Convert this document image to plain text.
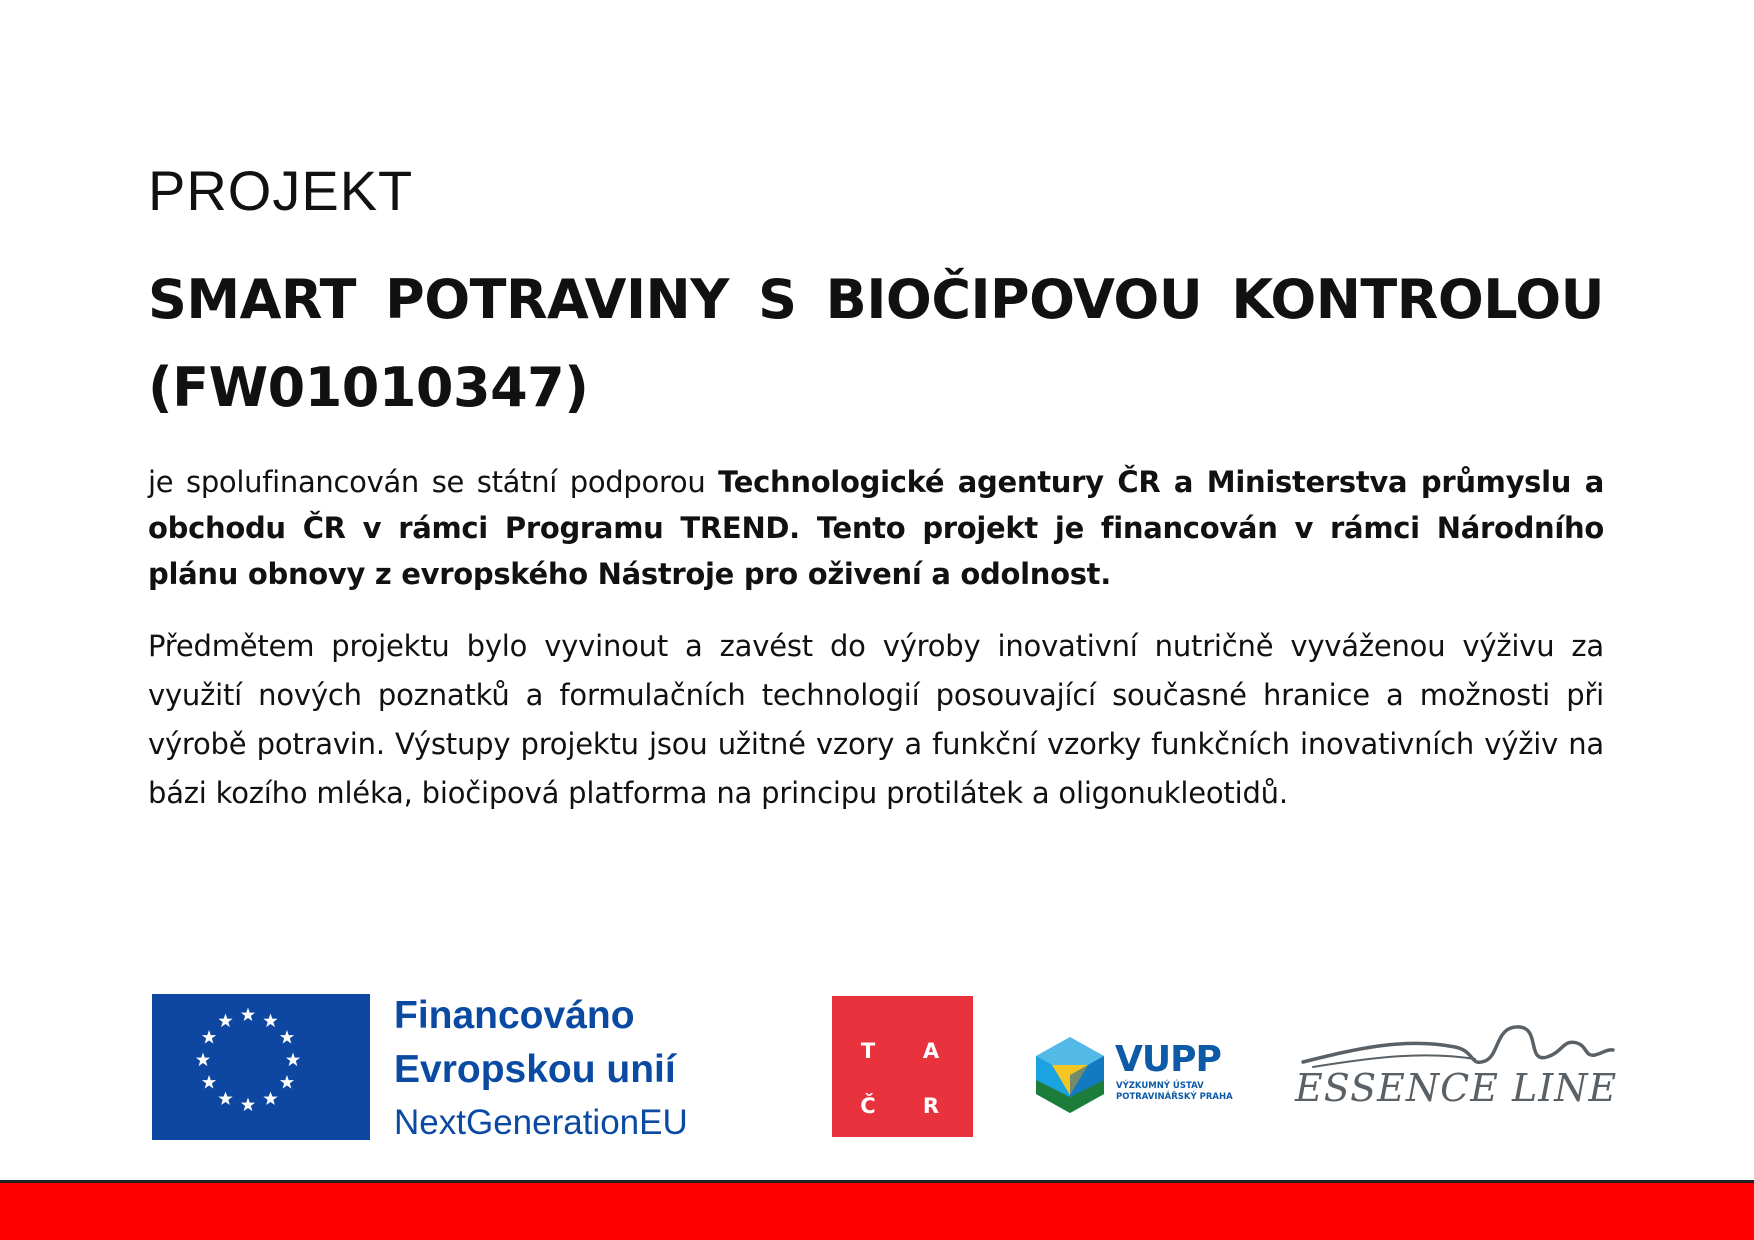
PROJEKT
SMART POTRAVINY S BIOČIPOVOU KONTROLOU (FW01010347)
je spolufinancován se státní podporou Technologické agentury ČR a Ministerstva průmyslu a obchodu ČR v rámci Programu TREND. Tento projekt je financován v rámci Národního plánu obnovy z evropského Nástroje pro oživení a odolnost.
Předmětem projektu bylo vyvinout a zavést do výroby inovativní nutričně vyváženou výživu za využití nových poznatků a formulačních technologií posouvající současné hranice a možnosti při výrobě potravin. Výstupy projektu jsou užitné vzory a funkční vzorky funkčních inovativních výživ na bázi kozího mléka, biočipová platforma na principu protilátek a oligonukleotidů.
Financováno
Evropskou unií
NextGenerationEU
T	A
Č	R
VUPP
VÝZKUMNÝ ÚSTAV
POTRAVINÁŘSKÝ PRAHA	ESSENCE LINE
